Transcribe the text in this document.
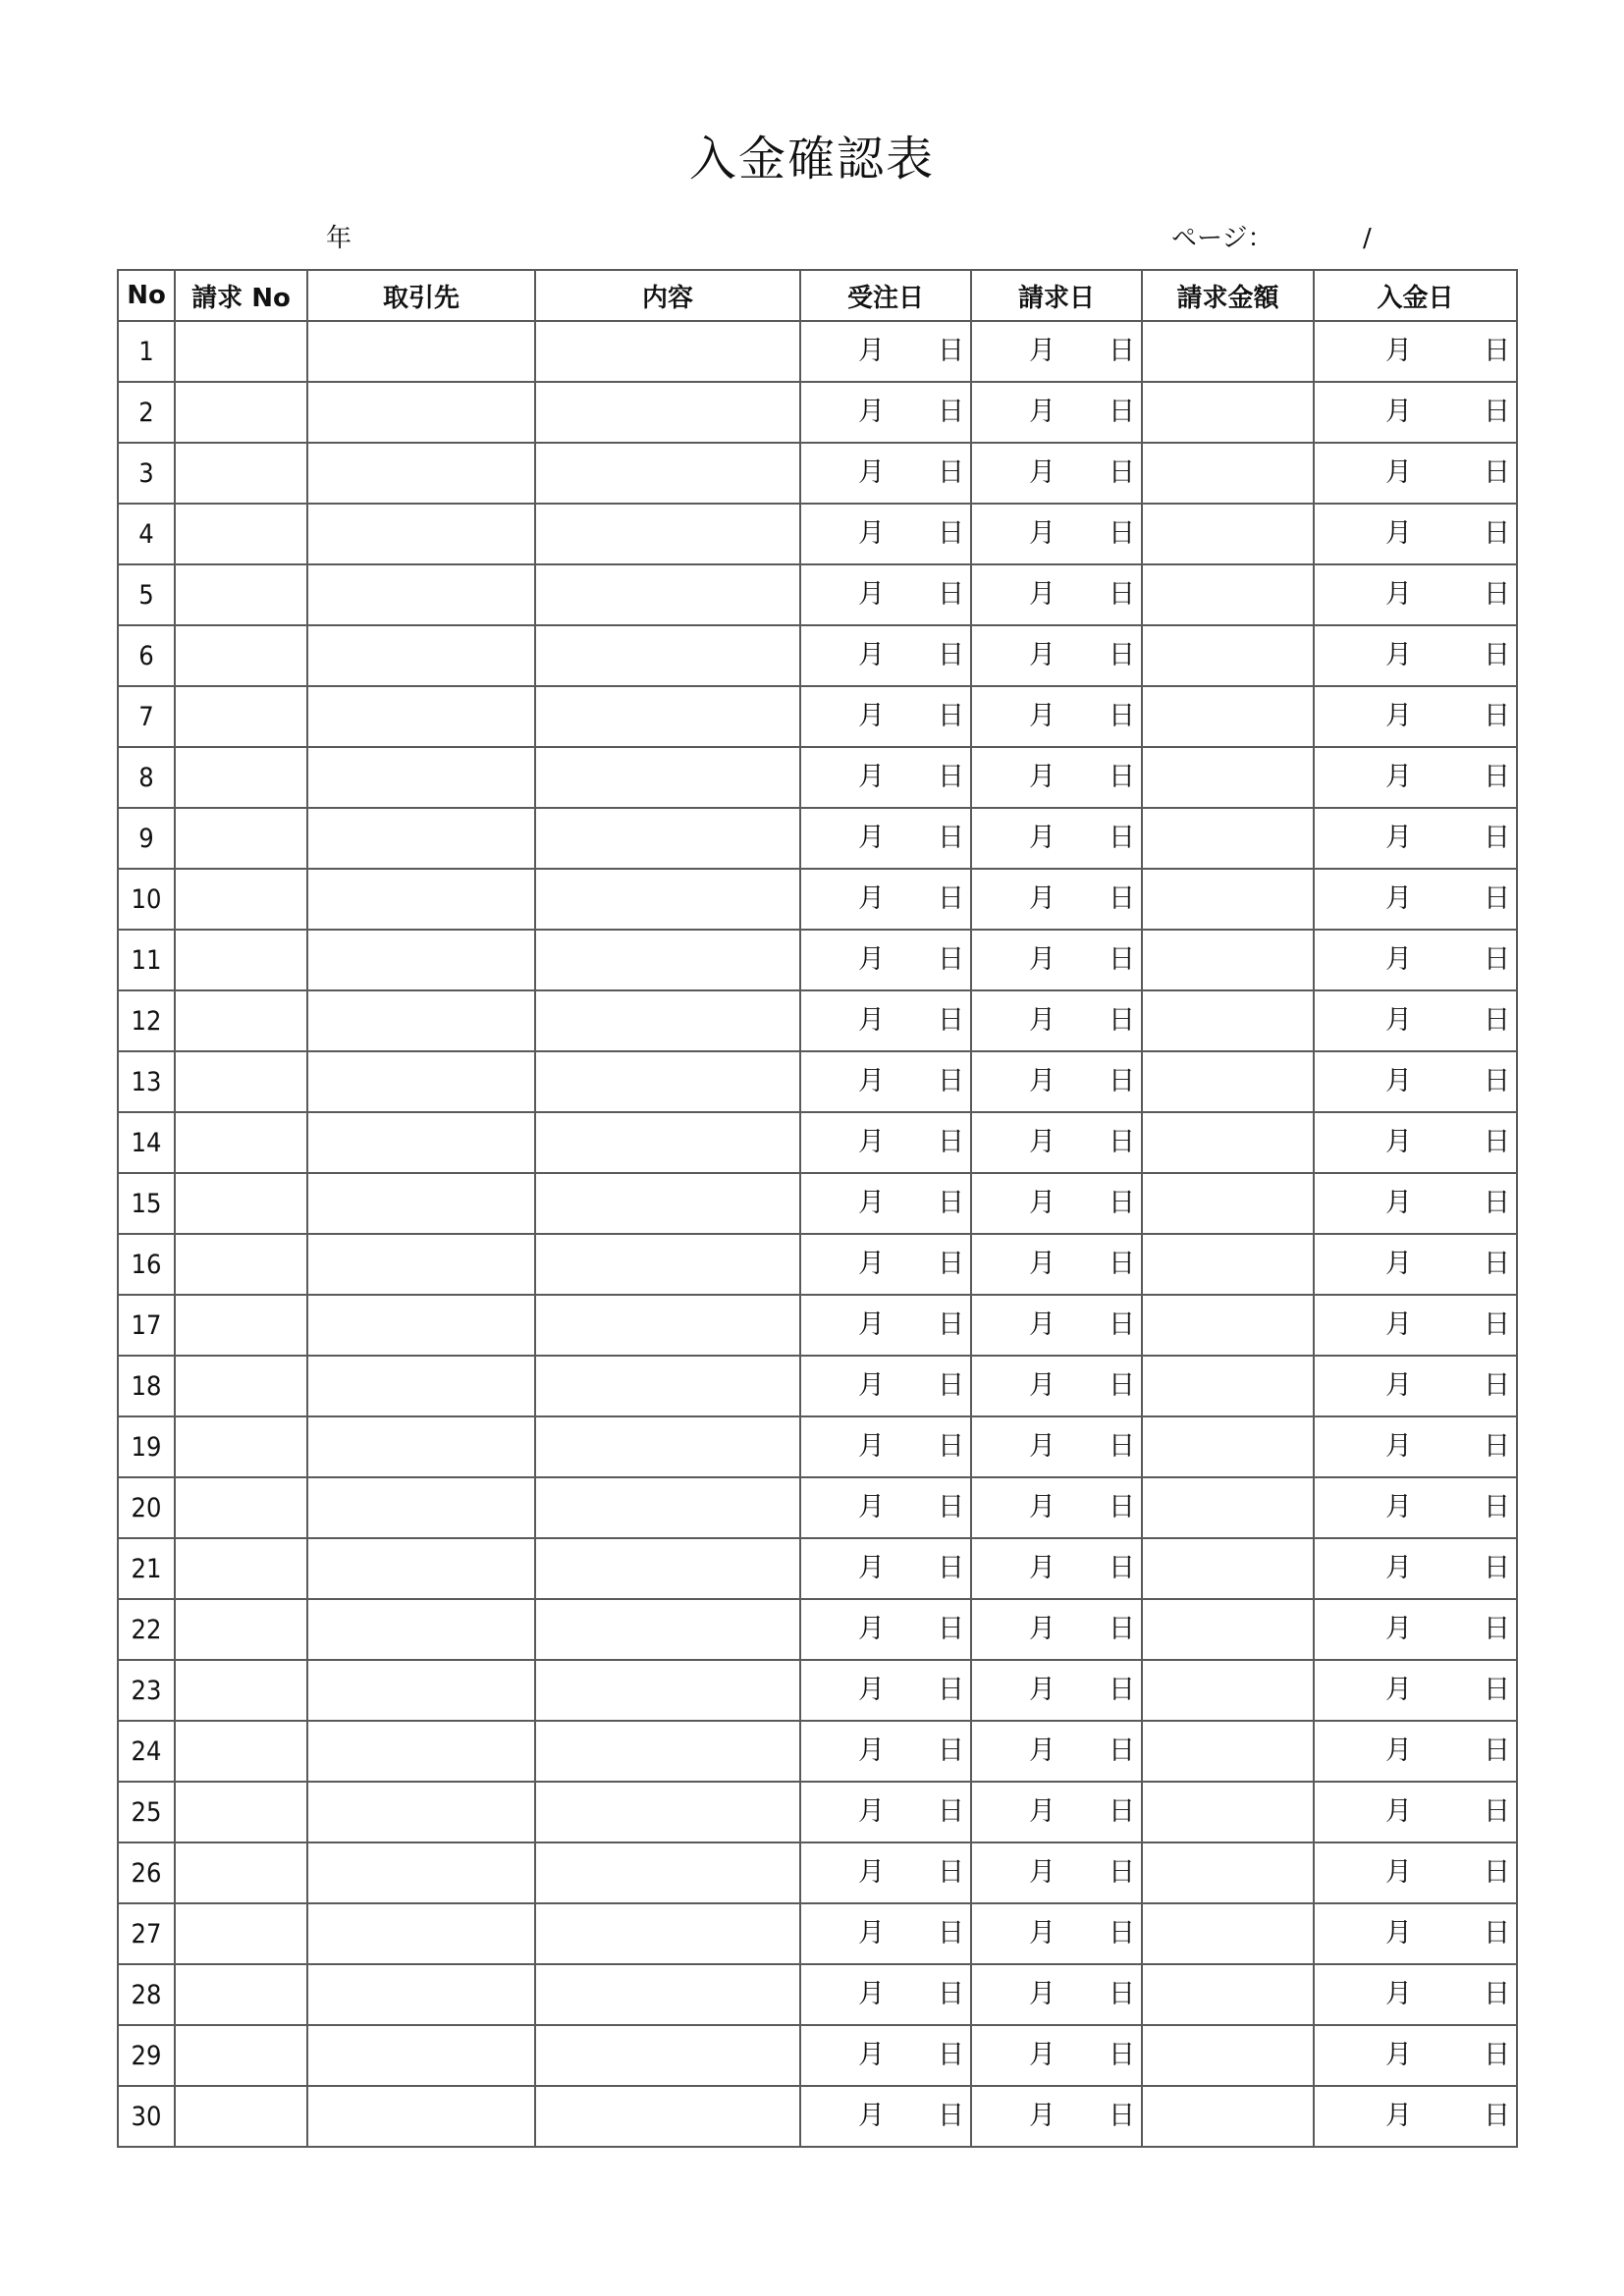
入金確認表
年	ページ：	/
No	請求 No	取引先	内容	受注日	請求日	請求金額	入金日
1				月 日	月 日		月 日

2				月 日	月 日		月 日

3				月 日	月 日		月 日

4				月 日	月 日		月 日

5				月 日	月 日		月 日

6				月 日	月 日		月 日

7				月 日	月 日		月 日

8				月 日	月 日		月 日

9				月 日	月 日		月 日

10				月 日	月 日		月 日

11				月 日	月 日		月 日

12				月 日	月 日		月 日

13				月 日	月 日		月 日

14				月 日	月 日		月 日

15				月 日	月 日		月 日

16				月 日	月 日		月 日

17				月 日	月 日		月 日

18				月 日	月 日		月 日

19				月 日	月 日		月 日

20				月 日	月 日		月 日

21				月 日	月 日		月 日

22				月 日	月 日		月 日

23				月 日	月 日		月 日

24				月 日	月 日		月 日

25				月 日	月 日		月 日

26				月 日	月 日		月 日

27				月 日	月 日		月 日

28				月 日	月 日		月 日

29				月 日	月 日		月 日

30				月 日	月 日		月 日
